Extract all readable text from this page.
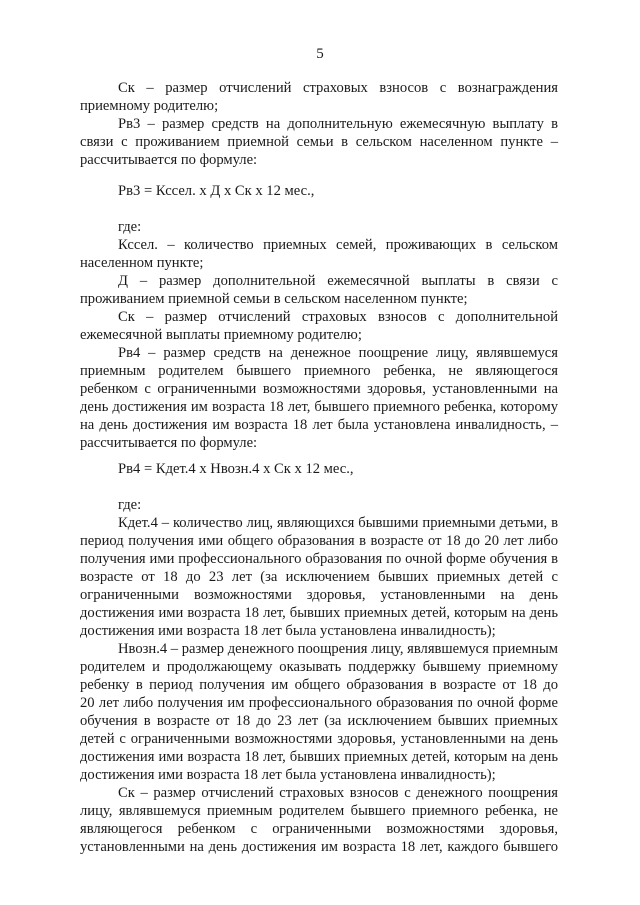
5
Ск – размер отчислений страховых взносов с вознаграждения
приемному родителю;
Рв3 – размер средств на дополнительную ежемесячную выплату в
связи с проживанием приемной семьи в сельском населенном пункте –
рассчитывается по формуле:
Рв3 = Кссел. х Д х Ск х 12 мес.,
где:
Кссел. – количество приемных семей, проживающих в сельском
населенном пункте;
Д – размер дополнительной ежемесячной выплаты в связи с
проживанием приемной семьи в сельском населенном пункте;
Ск – размер отчислений страховых взносов с дополнительной
ежемесячной выплаты приемному родителю;
Рв4 – размер средств на денежное поощрение лицу, являвшемуся
приемным родителем бывшего приемного ребенка, не являющегося
ребенком с ограниченными возможностями здоровья, установленными на
день достижения им возраста 18 лет, бывшего приемного ребенка, которому
на день достижения им возраста 18 лет была установлена инвалидность, –
рассчитывается по формуле:
Рв4 = Кдет.4 х Нвозн.4 х Ск х 12 мес.,
где:
Кдет.4 – количество лиц, являющихся бывшими приемными детьми, в
период получения ими общего образования в возрасте от 18 до 20 лет либо
получения ими профессионального образования по очной форме обучения в
возрасте от 18 до 23 лет (за исключением бывших приемных детей с
ограниченными возможностями здоровья, установленными на день
достижения ими возраста 18 лет, бывших приемных детей, которым на день
достижения ими возраста 18 лет была установлена инвалидность);
Нвозн.4 – размер денежного поощрения лицу, являвшемуся приемным
родителем и продолжающему оказывать поддержку бывшему приемному
ребенку в период получения им общего образования в возрасте от 18 до
20 лет либо получения им профессионального образования по очной форме
обучения в возрасте от 18 до 23 лет (за исключением бывших приемных
детей с ограниченными возможностями здоровья, установленными на день
достижения ими возраста 18 лет, бывших приемных детей, которым на день
достижения ими возраста 18 лет была установлена инвалидность);
Ск – размер отчислений страховых взносов с денежного поощрения
лицу, являвшемуся приемным родителем бывшего приемного ребенка, не
являющегося ребенком с ограниченными возможностями здоровья,
установленными на день достижения им возраста 18 лет, каждого бывшего
